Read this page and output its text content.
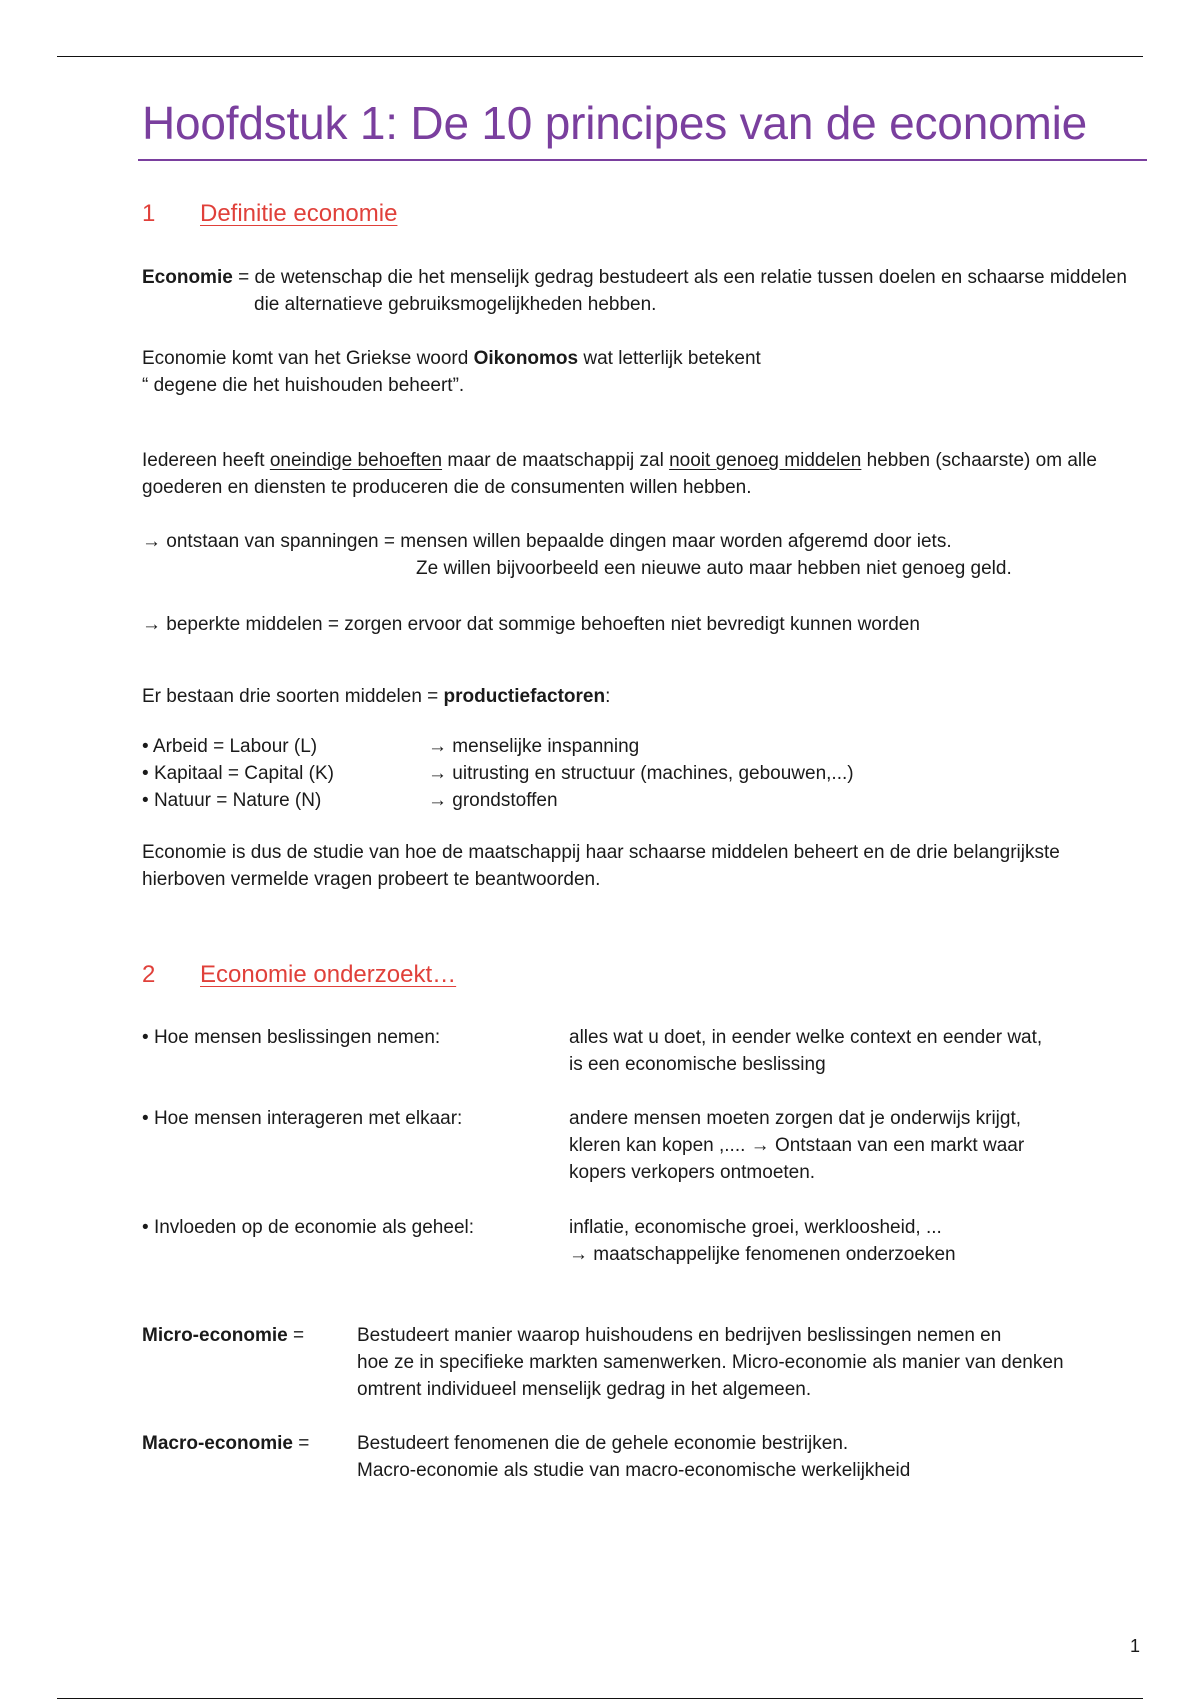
Hoofdstuk 1: De 10 principes van de economie
1 Definitie economie
Economie = de wetenschap die het menselijk gedrag bestudeert als een relatie tussen doelen en schaarse middelen die alternatieve gebruiksmogelijkheden hebben.
Economie komt van het Griekse woord Oikonomos wat letterlijk betekent
“ degene die het huishouden beheert”.
Iedereen heeft oneindige behoeften maar de maatschappij zal nooit genoeg middelen hebben (schaarste) om alle goederen en diensten te produceren die de consumenten willen hebben.
→ ontstaan van spanningen = mensen willen bepaalde dingen maar worden afgeremd door iets.
Ze willen bijvoorbeeld een nieuwe auto maar hebben niet genoeg geld.
→ beperkte middelen = zorgen ervoor dat sommige behoeften niet bevredigt kunnen worden
Er bestaan drie soorten middelen = productiefactoren:
• Arbeid = Labour (L)	→ menselijke inspanning
• Kapitaal = Capital (K)	→ uitrusting en structuur (machines, gebouwen,...)
• Natuur = Nature (N)	→ grondstoffen
Economie is dus de studie van hoe de maatschappij haar schaarse middelen beheert en de drie belangrijkste hierboven vermelde vragen probeert te beantwoorden.
2 Economie onderzoekt…
• Hoe mensen beslissingen nemen:	alles wat u doet, in eender welke context en eender wat,
is een economische beslissing
• Hoe mensen interageren met elkaar:	andere mensen moeten zorgen dat je onderwijs krijgt,
kleren kan kopen ,.... → Ontstaan van een markt waar
kopers verkopers ontmoeten.
• Invloeden op de economie als geheel:	inflatie, economische groei, werkloosheid, ...
→ maatschappelijke fenomenen onderzoeken
Micro-economie =	Bestudeert manier waarop huishoudens en bedrijven beslissingen nemen en
hoe ze in specifieke markten samenwerken. Micro-economie als manier van denken
omtrent individueel menselijk gedrag in het algemeen.
Macro-economie =	Bestudeert fenomenen die de gehele economie bestrijken.
Macro-economie als studie van macro-economische werkelijkheid
1
